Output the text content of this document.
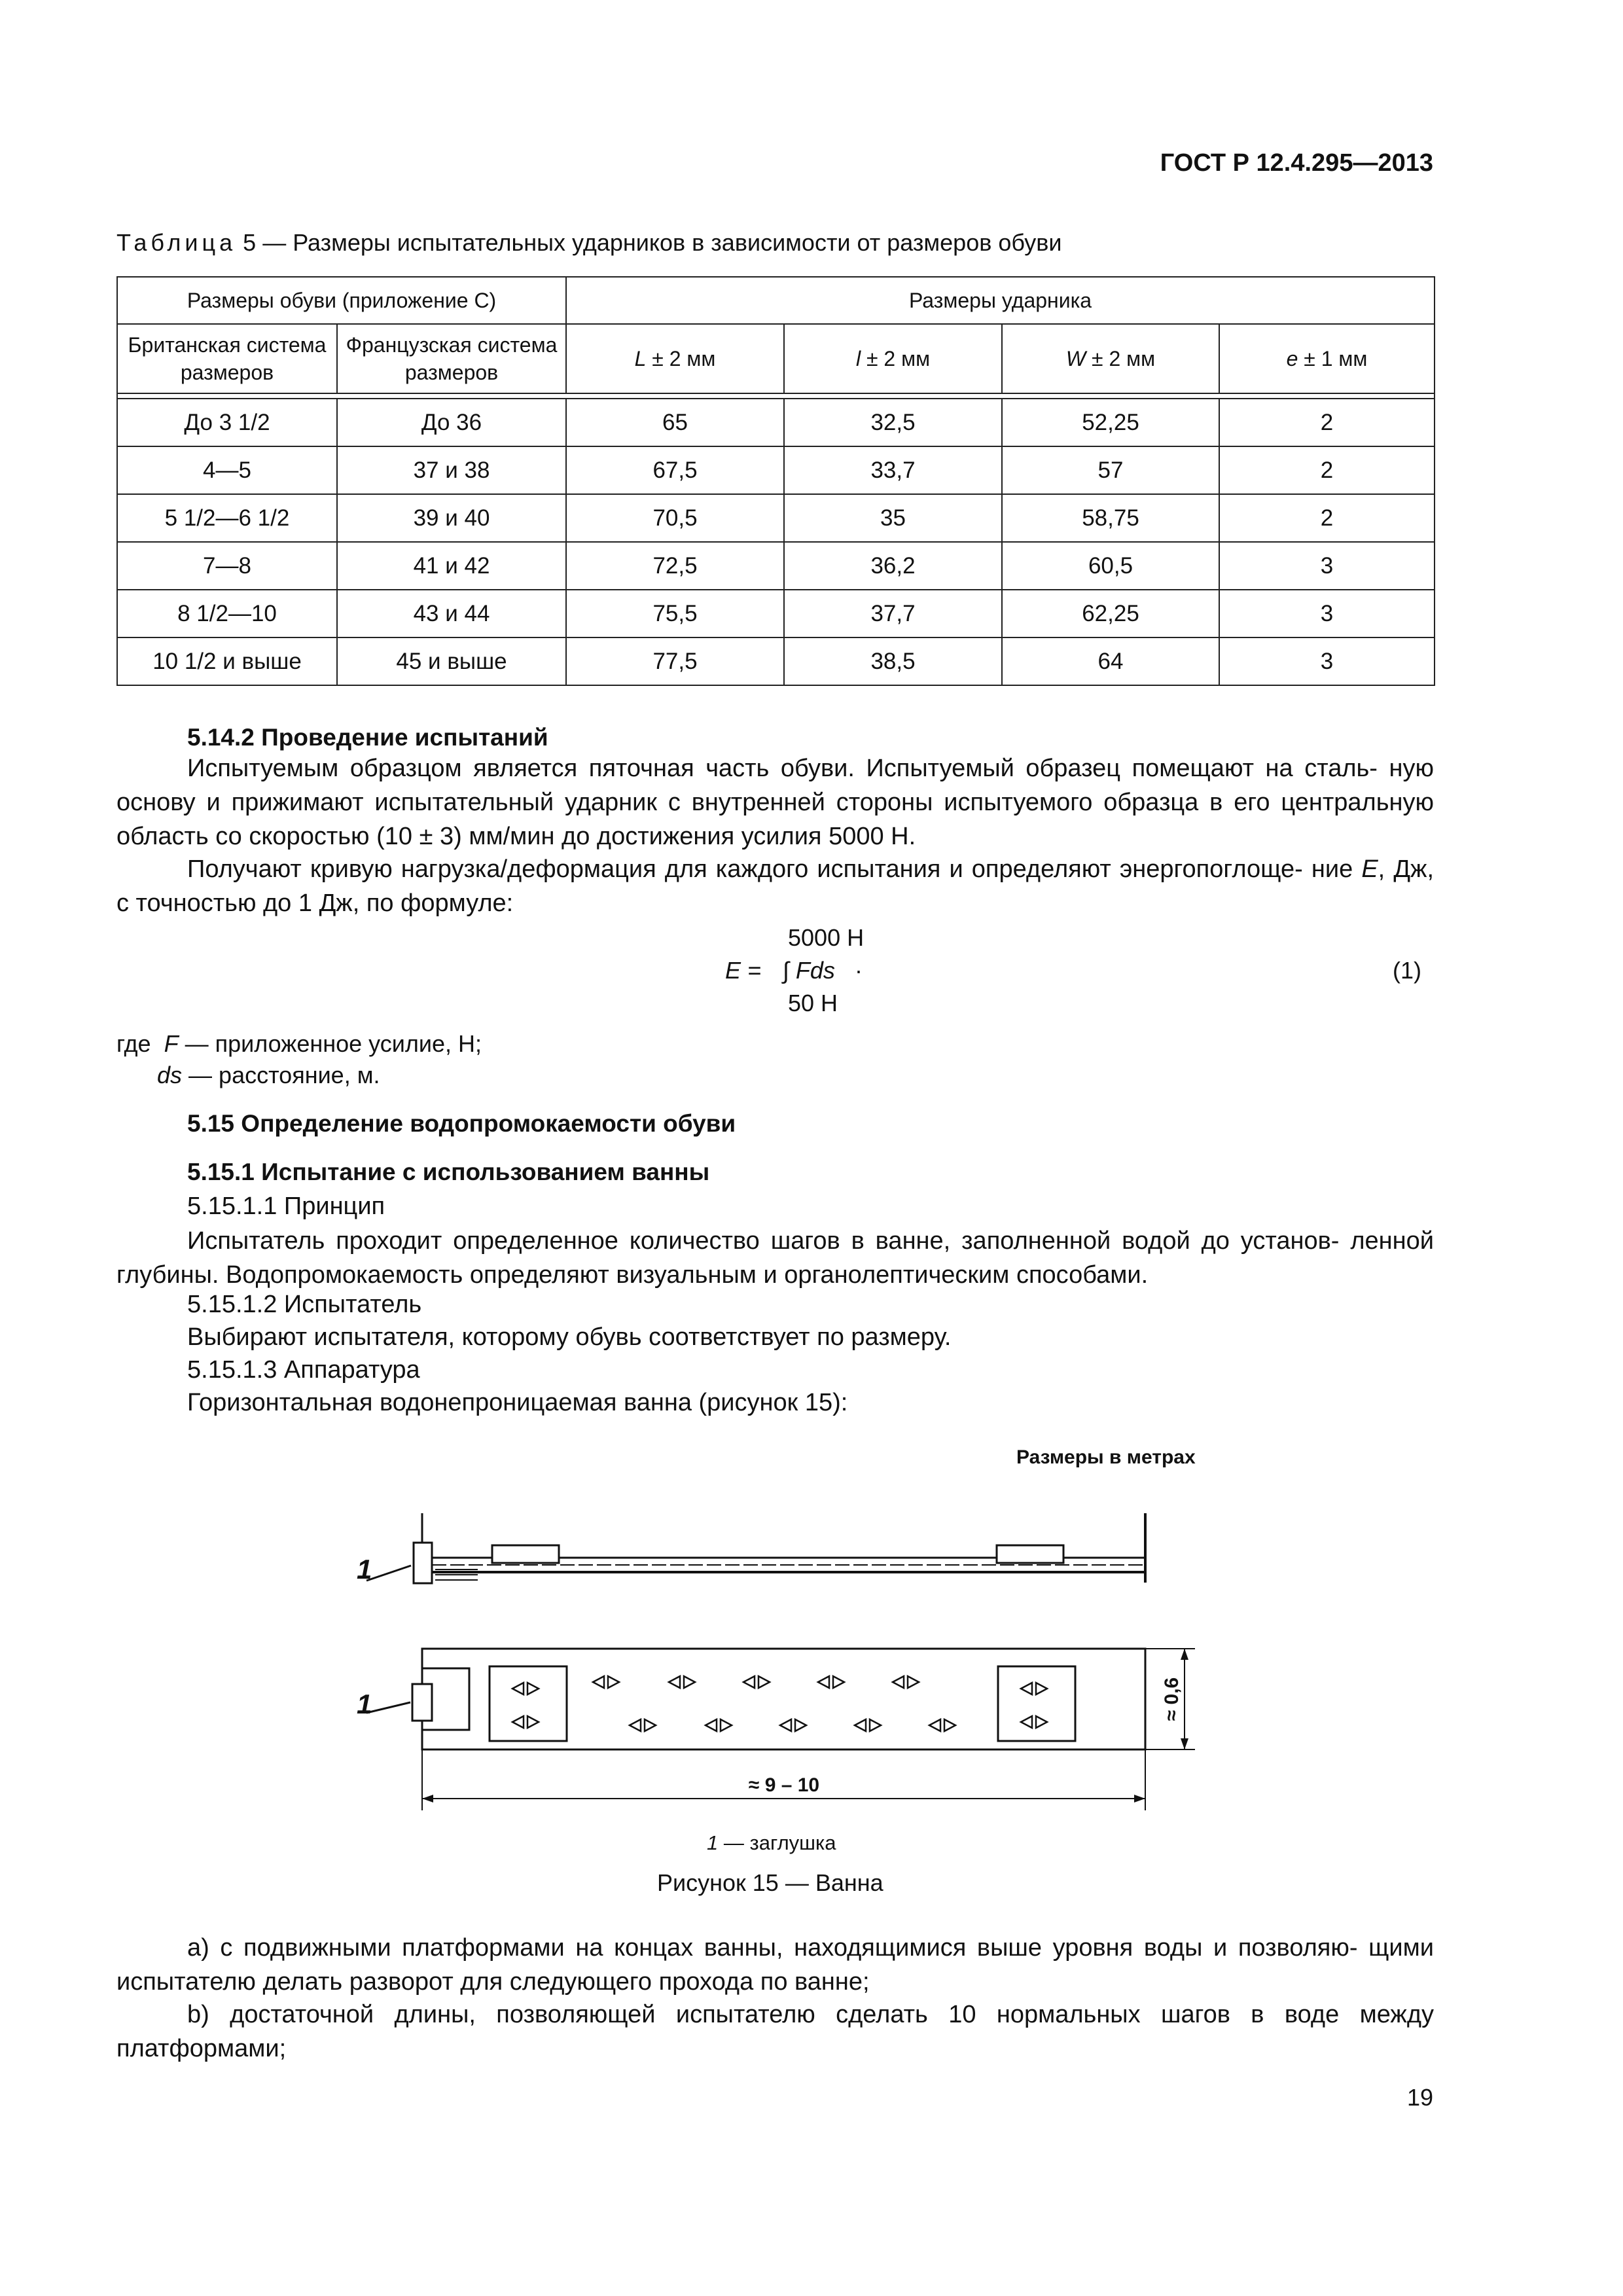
ГОСТ Р 12.4.295—2013
Таблица 5 — Размеры испытательных ударников в зависимости от размеров обуви
Размеры обуви (приложение С)		Размеры ударника			
Британская система размеров	Французская система размеров	L ± 2 мм	l ± 2 мм	W ± 2 мм	e ± 1 мм

До 3 1/2	До 36	65	32,5	52,25	2
4—5	37 и 38	67,5	33,7	57	2
5 1/2—6 1/2	39 и 40	70,5	35	58,75	2
7—8	41 и 42	72,5	36,2	60,5	3
8 1/2—10	43 и 44	75,5	37,7	62,25	3
10 1/2 и выше	45 и выше	77,5	38,5	64	3
5.14.2 Проведение испытаний
Испытуемым образцом является пяточная часть обуви. Испытуемый образец помещают на сталь- ную основу и прижимают испытательный ударник с внутренней стороны испытуемого образца в его центральную область со скоростью (10 ± 3) мм/мин до достижения усилия 5000 Н.
Получают кривую нагрузка/деформация для каждого испытания и определяют энергопоглоще- ние E, Дж, с точностью до 1 Дж, по формуле:
5000 Н
E = ∫ Fds ·
50 Н
(1)
где F — приложенное усилие, Н;
ds — расстояние, м.
5.15 Определение водопромокаемости обуви
5.15.1 Испытание с использованием ванны
5.15.1.1 Принцип
Испытатель проходит определенное количество шагов в ванне, заполненной водой до установ- ленной глубины. Водопромокаемость определяют визуальным и органолептическим способами.
5.15.1.2 Испытатель
Выбирают испытателя, которому обувь соответствует по размеру.
5.15.1.3 Аппаратура
Горизонтальная водонепроницаемая ванна (рисунок 15):
Размеры в метрах
1
1
≈ 9 – 10
≈ 0,6
1 — заглушка
Рисунок 15 — Ванна
а) с подвижными платформами на концах ванны, находящимися выше уровня воды и позволяю- щими испытателю делать разворот для следующего прохода по ванне;
b) достаточной длины, позволяющей испытателю сделать 10 нормальных шагов в воде между платформами;
19
